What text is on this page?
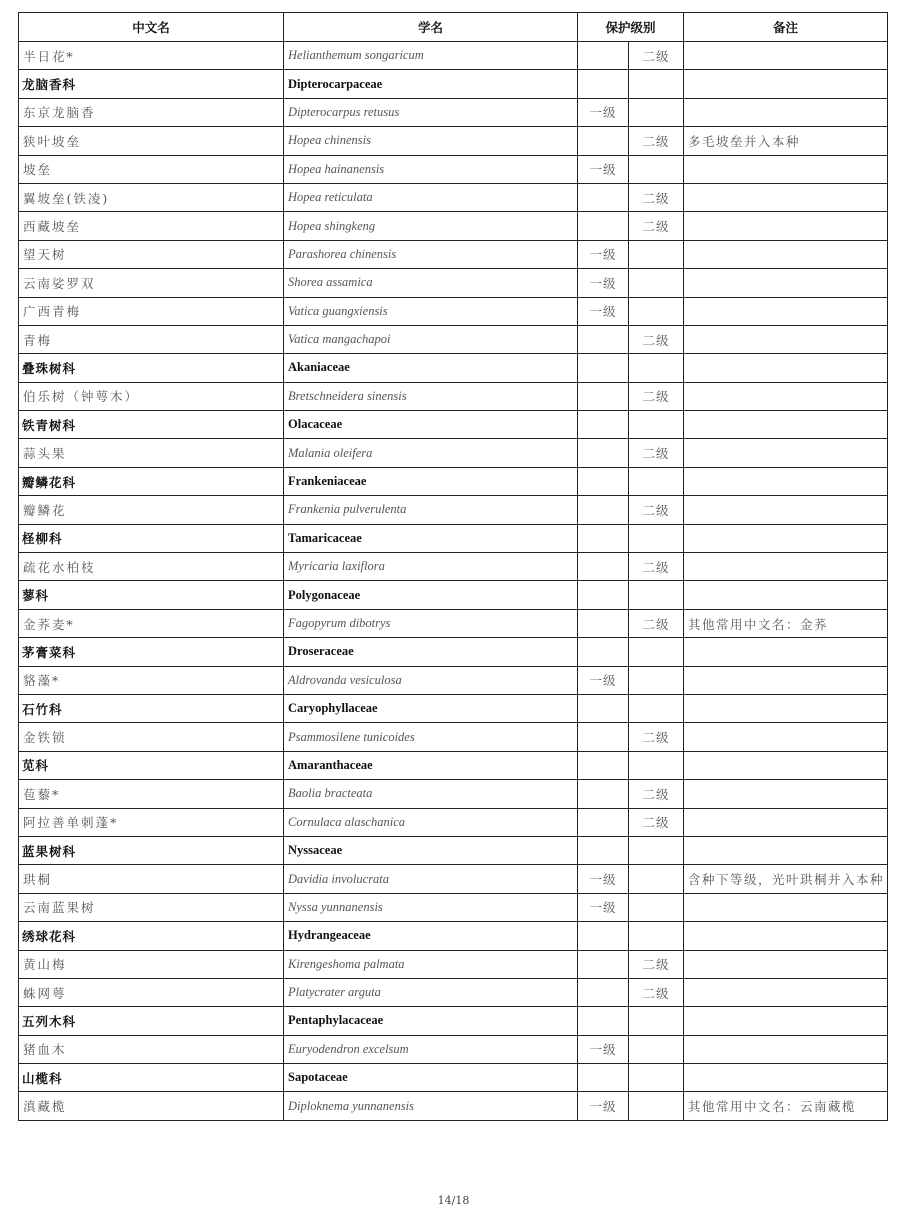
中文名	学名	保护级别		备注
半日花*	Helianthemum songaricum		二级	
龙脑香科	Dipterocarpaceae			
东京龙脑香	Dipterocarpus retusus	一级		
狭叶坡垒	Hopea chinensis		二级	多毛坡垒并入本种
坡垒	Hopea hainanensis	一级		
翼坡垒(铁凌)	Hopea reticulata		二级	
西藏坡垒	Hopea shingkeng		二级	
望天树	Parashorea chinensis	一级		
云南娑罗双	Shorea assamica	一级		
广西青梅	Vatica guangxiensis	一级		
青梅	Vatica mangachapoi		二级	
叠珠树科	Akaniaceae			
伯乐树（钟萼木）	Bretschneidera sinensis		二级	
铁青树科	Olacaceae			
蒜头果	Malania oleifera		二级	
瓣鳞花科	Frankeniaceae			
瓣鳞花	Frankenia pulverulenta		二级	
柽柳科	Tamaricaceae			
疏花水柏枝	Myricaria laxiflora		二级	
蓼科	Polygonaceae			
金荞麦*	Fagopyrum dibotrys		二级	其他常用中文名：金荞
茅膏菜科	Droseraceae			
貉藻*	Aldrovanda vesiculosa	一级		
石竹科	Caryophyllaceae			
金铁锁	Psammosilene tunicoides		二级	
苋科	Amaranthaceae			
苞藜*	Baolia bracteata		二级	
阿拉善单刺蓬*	Cornulaca alaschanica		二级	
蓝果树科	Nyssaceae			
珙桐	Davidia involucrata	一级		含种下等级，光叶珙桐并入本种
云南蓝果树	Nyssa yunnanensis	一级		
绣球花科	Hydrangeaceae			
黄山梅	Kirengeshoma palmata		二级	
蛛网萼	Platycrater arguta		二级	
五列木科	Pentaphylacaceae			
猪血木	Euryodendron excelsum	一级		
山榄科	Sapotaceae			
滇藏榄	Diploknema yunnanensis	一级		其他常用中文名：云南藏榄
14/18
